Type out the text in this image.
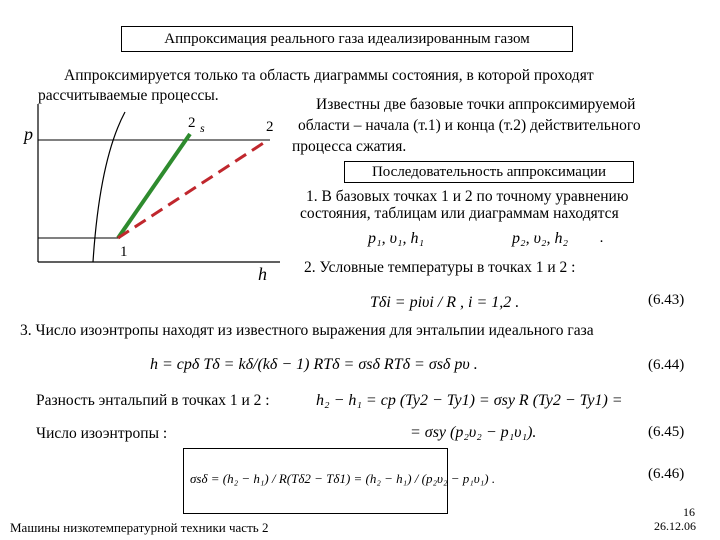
Аппроксимация реального газа идеализированным газом
Аппроксимируется только та область диаграммы состояния, в которой проходят
рассчитываемые процессы.
Известны две базовые точки аппроксимируемой
области – начала (т.1) и конца (т.2) действительного
процесса сжатия.
Последовательность аппроксимации
1. В базовых точках 1 и 2 по точному уравнению
состояния, таблицам или диаграммам находятся
p₁, υ₁, h₁	p₂, υ₂, h₂ .
2. Условные температуры в точках 1 и 2 :
Tδi = piυi / R , i = 1,2 .	(6.43)
3. Число изоэнтропы находят из известного выражения для энтальпии идеального газа
h = cpδ Tδ = kδ/(kδ − 1) RTδ = σsδ RTδ = σsδ pυ .	(6.44)
Разность энтальпий в точках 1 и 2 :	h₂ − h₁ = cp (Ty2 − Ty1) = σsy R (Ty2 − Ty1) =
Число изоэнтропы :	= σsy (p₂υ₂ − p₁υ₁).	(6.45)
σsδ = (h₂ − h₁) / R(Tδ2 − Tδ1) = (h₂ − h₁) / (p₂υ₂ − p₁υ₁) .	(6.46)
p
h
1
2
2 s
Машины низкотемпературной техники часть 2
16
26.12.06
